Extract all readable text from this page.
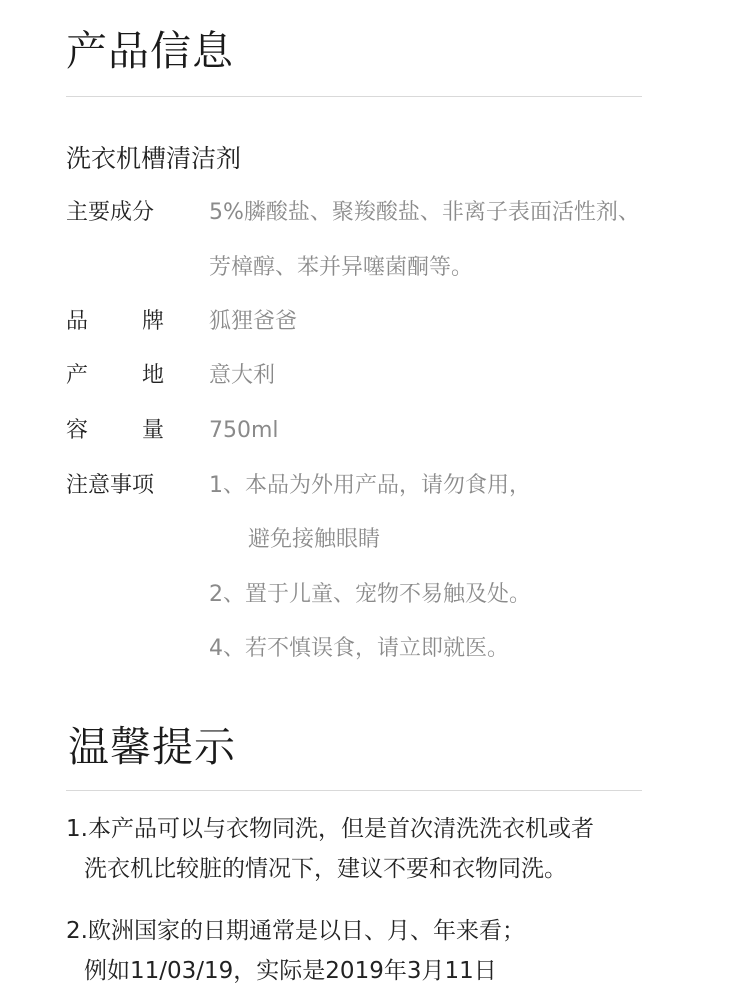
产品信息
洗衣机槽清洁剂
主要成分	5%膦酸盐、聚羧酸盐、非离子表面活性剂、
芳樟醇、苯并异噻菌酮等。
品 牌 狐狸爸爸
产 地 意大利
容 量 750ml
注意事项	1、本品为外用产品，请勿食用，
避免接触眼睛
2、置于儿童、宠物不易触及处。
4、若不慎误食，请立即就医。
温馨提示
1.本产品可以与衣物同洗，但是首次清洗洗衣机或者
洗衣机比较脏的情况下，建议不要和衣物同洗。
2.欧洲国家的日期通常是以日、月、年来看；
例如11/03/19，实际是2019年3月11日
